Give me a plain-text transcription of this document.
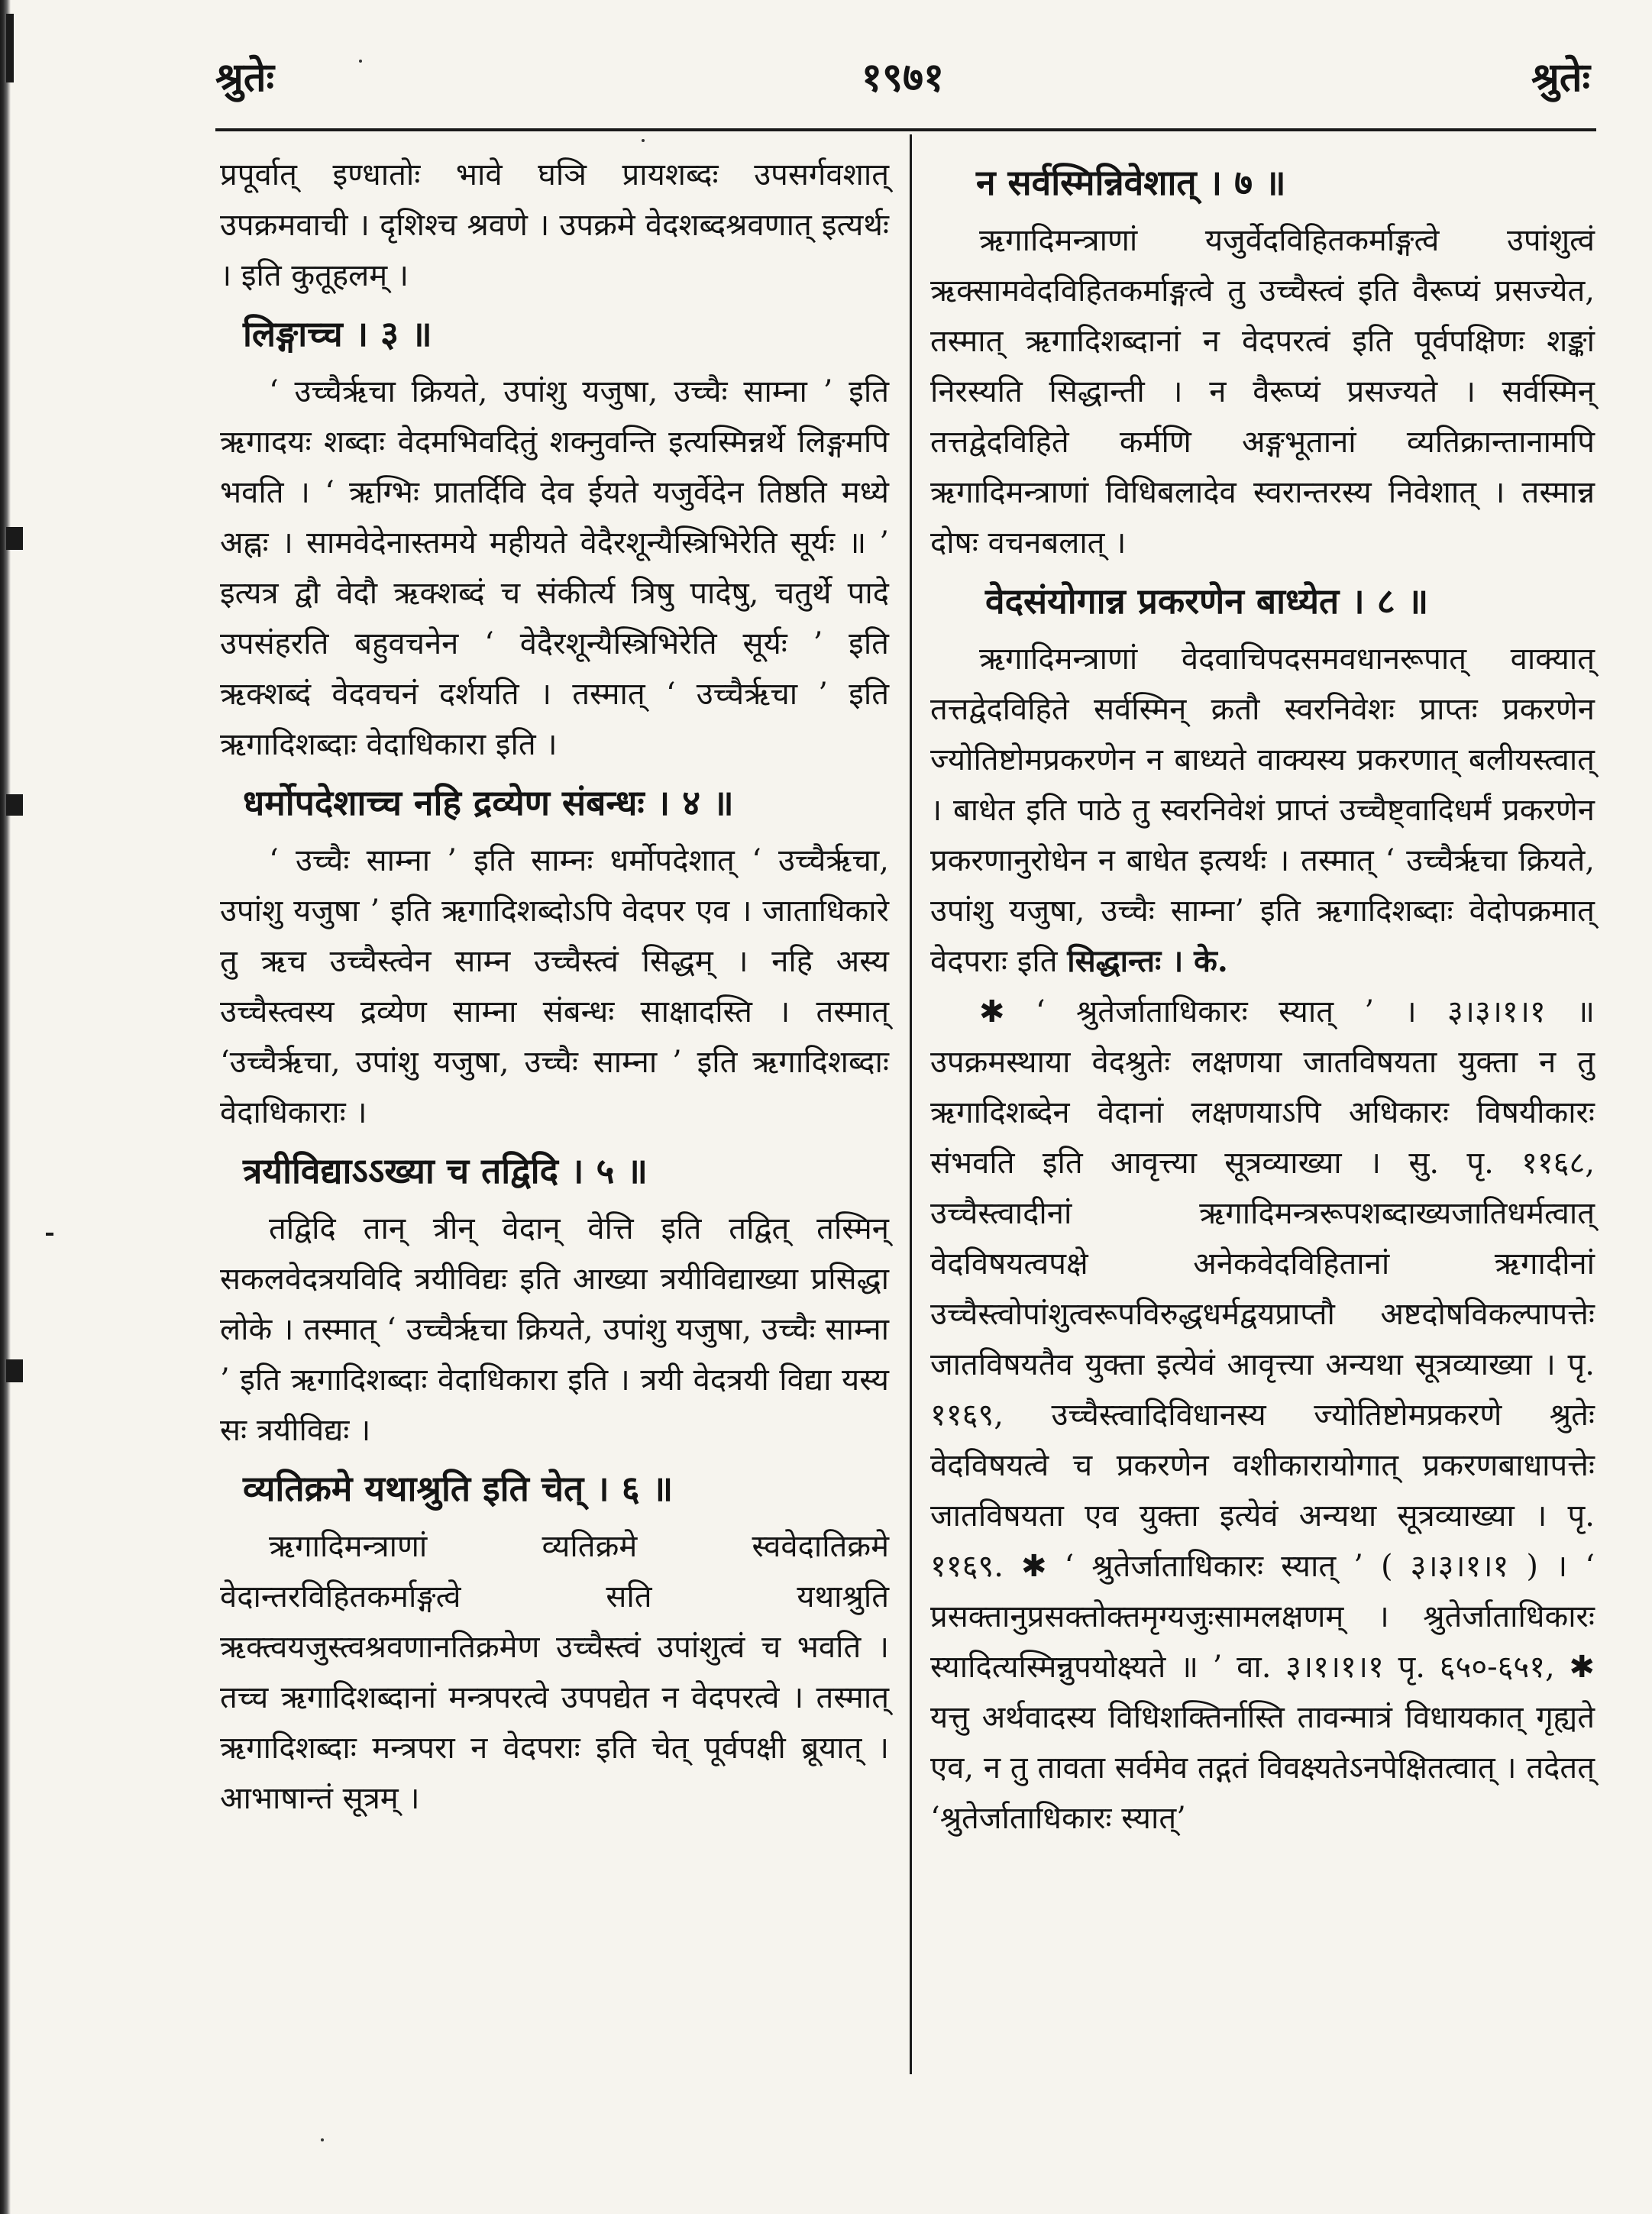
श्रुतेः	१९७१	श्रुतेः

प्रपूर्वात् इण्धातोः भावे घञि प्रायशब्दः उपसर्गवशात् उपक्रमवाची । दृशिश्च श्रवणे । उपक्रमे वेदशब्दश्रवणात् इत्यर्थः । इति कुतूहलम् ।

लिङ्गाच्च । ३ ॥

‘ उच्चैर्ऋचा क्रियते, उपांशु यजुषा, उच्चैः साम्ना ’ इति ऋगादयः शब्दाः वेदमभिवदितुं शक्नुवन्ति इत्यस्मिन्नर्थे लिङ्गमपि भवति । ‘ ऋग्भिः प्रातर्दिवि देव ईयते यजुर्वेदेन तिष्ठति मध्ये अह्नः । सामवेदेनास्तमये महीयते वेदैरशून्यैस्त्रिभिरेति सूर्यः ॥ ’ इत्यत्र द्वौ वेदौ ऋक्शब्दं च संकीर्त्य त्रिषु पादेषु, चतुर्थे पादे उपसंहरति बहुवचनेन ‘ वेदैरशून्यैस्त्रिभिरेति सूर्यः ’ इति ऋक्शब्दं वेदवचनं दर्शयति । तस्मात् ‘ उच्चैर्ऋचा ’ इति ऋगादिशब्दाः वेदाधिकारा इति ।

धर्मोपदेशाच्च नहि द्रव्येण संबन्धः । ४ ॥

‘ उच्चैः साम्ना ’ इति साम्नः धर्मोपदेशात् ‘ उच्चैर्ऋचा, उपांशु यजुषा ’ इति ऋगादिशब्दोऽपि वेदपर एव । जाताधिकारे तु ऋच उच्चैस्त्वेन साम्न उच्चैस्त्वं सिद्धम् । नहि अस्य उच्चैस्त्वस्य द्रव्येण साम्ना संबन्धः साक्षादस्ति । तस्मात् ‘उच्चैर्ऋचा, उपांशु यजुषा, उच्चैः साम्ना ’ इति ऋगादिशब्दाः वेदाधिकाराः ।

त्रयीविद्याऽऽख्या च तद्विदि । ५ ॥

तद्विदि तान् त्रीन् वेदान् वेत्ति इति तद्वित् तस्मिन् सकलवेदत्रयविदि त्रयीविद्यः इति आख्या त्रयीविद्याख्या प्रसिद्धा लोके । तस्मात् ‘ उच्चैर्ऋचा क्रियते, उपांशु यजुषा, उच्चैः साम्ना ’ इति ऋगादिशब्दाः वेदाधिकारा इति । त्रयी वेदत्रयी विद्या यस्य सः त्रयीविद्यः ।

व्यतिक्रमे यथाश्रुति इति चेत् । ६ ॥

ऋगादिमन्त्राणां व्यतिक्रमे स्ववेदातिक्रमे वेदान्तरविहितकर्माङ्गत्वे सति यथाश्रुति ऋक्त्वयजुस्त्वश्रवणानतिक्रमेण उच्चैस्त्वं उपांशुत्वं च भवति । तच्च ऋगादिशब्दानां मन्त्रपरत्वे उपपद्येत न वेदपरत्वे । तस्मात् ऋगादिशब्दाः मन्त्रपरा न वेदपराः इति चेत् पूर्वपक्षी ब्रूयात् । आभाषान्तं सूत्रम् ।

न सर्वस्मिन्निवेशात् । ७ ॥

ऋगादिमन्त्राणां यजुर्वेदविहितकर्माङ्गत्वे उपांशुत्वं ऋक्सामवेदविहितकर्माङ्गत्वे तु उच्चैस्त्वं इति वैरूप्यं प्रसज्येत, तस्मात् ऋगादिशब्दानां न वेदपरत्वं इति पूर्वपक्षिणः शङ्कां निरस्यति सिद्धान्ती । न वैरूप्यं प्रसज्यते । सर्वस्मिन् तत्तद्वेदविहिते कर्मणि अङ्गभूतानां व्यतिक्रान्तानामपि ऋगादिमन्त्राणां विधिबलादेव स्वरान्तरस्य निवेशात् । तस्मान्न दोषः वचनबलात् ।

वेदसंयोगान्न प्रकरणेन बाध्येत । ८ ॥

ऋगादिमन्त्राणां वेदवाचिपदसमवधानरूपात् वाक्यात् तत्तद्वेदविहिते सर्वस्मिन् क्रतौ स्वरनिवेशः प्राप्तः प्रकरणेन ज्योतिष्टोमप्रकरणेन न बाध्यते वाक्यस्य प्रकरणात् बलीयस्त्वात् । बाधेत इति पाठे तु स्वरनिवेशं प्राप्तं उच्चैष्ट्वादिधर्मं प्रकरणेन प्रकरणानुरोधेन न बाधेत इत्यर्थः । तस्मात् ‘ उच्चैर्ऋचा क्रियते, उपांशु यजुषा, उच्चैः साम्ना’ इति ऋगादिशब्दाः वेदोपक्रमात् वेदपराः इति सिद्धान्तः । के.

✱ ‘ श्रुतेर्जाताधिकारः स्यात् ’ । ३।३।१।१ ॥ उपक्रमस्थाया वेदश्रुतेः लक्षणया जातविषयता युक्ता न तु ऋगादिशब्देन वेदानां लक्षणयाऽपि अधिकारः विषयीकारः संभवति इति आवृत्त्या सूत्रव्याख्या । सु. पृ. ११६८, उच्चैस्त्वादीनां ऋगादिमन्त्ररूपशब्दाख्यजातिधर्मत्वात् वेदविषयत्वपक्षे अनेकवेदविहितानां ऋगादीनां उच्चैस्त्वोपांशुत्वरूपविरुद्धधर्मद्वयप्राप्तौ अष्टदोषविकल्पापत्तेः जातविषयतैव युक्ता इत्येवं आवृत्त्या अन्यथा सूत्रव्याख्या । पृ. ११६९, उच्चैस्त्वादिविधानस्य ज्योतिष्टोमप्रकरणे श्रुतेः वेदविषयत्वे च प्रकरणेन वशीकारायोगात् प्रकरणबाधापत्तेः जातविषयता एव युक्ता इत्येवं अन्यथा सूत्रव्याख्या । पृ. ११६९. ✱ ‘ श्रुतेर्जाताधिकारः स्यात् ’ ( ३।३।१।१ ) । ‘ प्रसक्तानुप्रसक्तोक्तमृग्यजुःसामलक्षणम् । श्रुतेर्जाताधिकारः स्यादित्यस्मिन्नुपयोक्ष्यते ॥ ’ वा. ३।१।१।१ पृ. ६५०-६५१, ✱ यत्तु अर्थवादस्य विधिशक्तिर्नास्ति तावन्मात्रं विधायकात् गृह्यते एव, न तु तावता सर्वमेव तद्गतं विवक्ष्यतेऽनपेक्षितत्वात् । तदेतत् ‘श्रुतेर्जाताधिकारः स्यात्’
